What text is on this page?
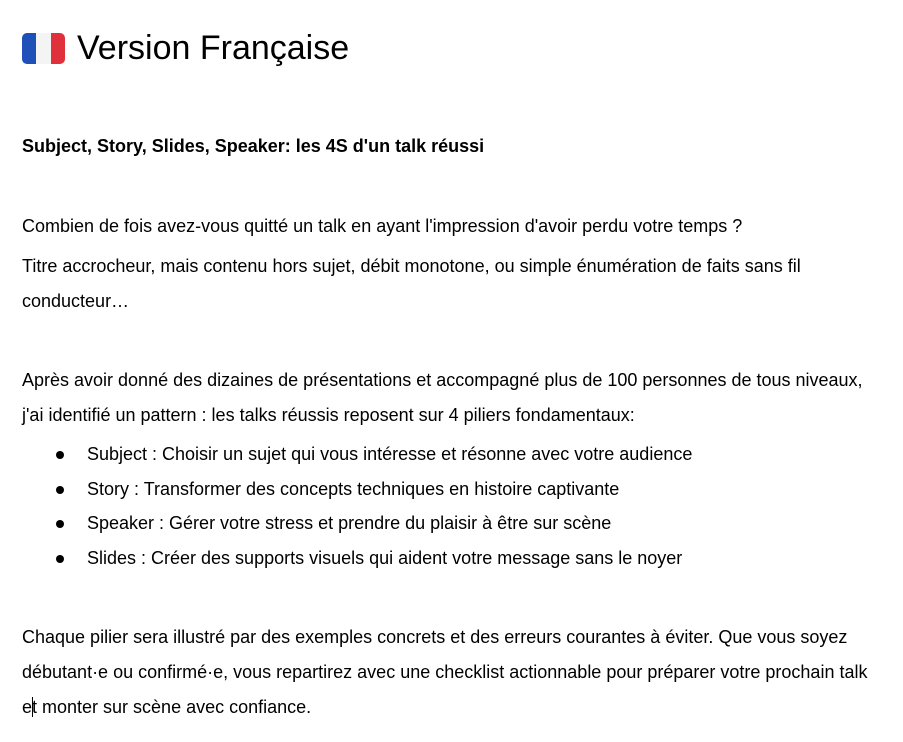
Version Française
Subject, Story, Slides, Speaker: les 4S d'un talk réussi

Combien de fois avez-vous quitté un talk en ayant l'impression d'avoir perdu votre temps ?

Titre accrocheur, mais contenu hors sujet, débit monotone, ou simple énumération de faits sans fil conducteur…

Après avoir donné des dizaines de présentations et accompagné plus de 100 personnes de tous niveaux, j'ai identifié un pattern : les talks réussis reposent sur 4 piliers fondamentaux:

Subject : Choisir un sujet qui vous intéresse et résonne avec votre audience
Story : Transformer des concepts techniques en histoire captivante
Speaker : Gérer votre stress et prendre du plaisir à être sur scène
Slides : Créer des supports visuels qui aident votre message sans le noyer

Chaque pilier sera illustré par des exemples concrets et des erreurs courantes à éviter. Que vous soyez débutant·e ou confirmé·e, vous repartirez avec une checklist actionnable pour préparer votre prochain talk et monter sur scène avec confiance.
